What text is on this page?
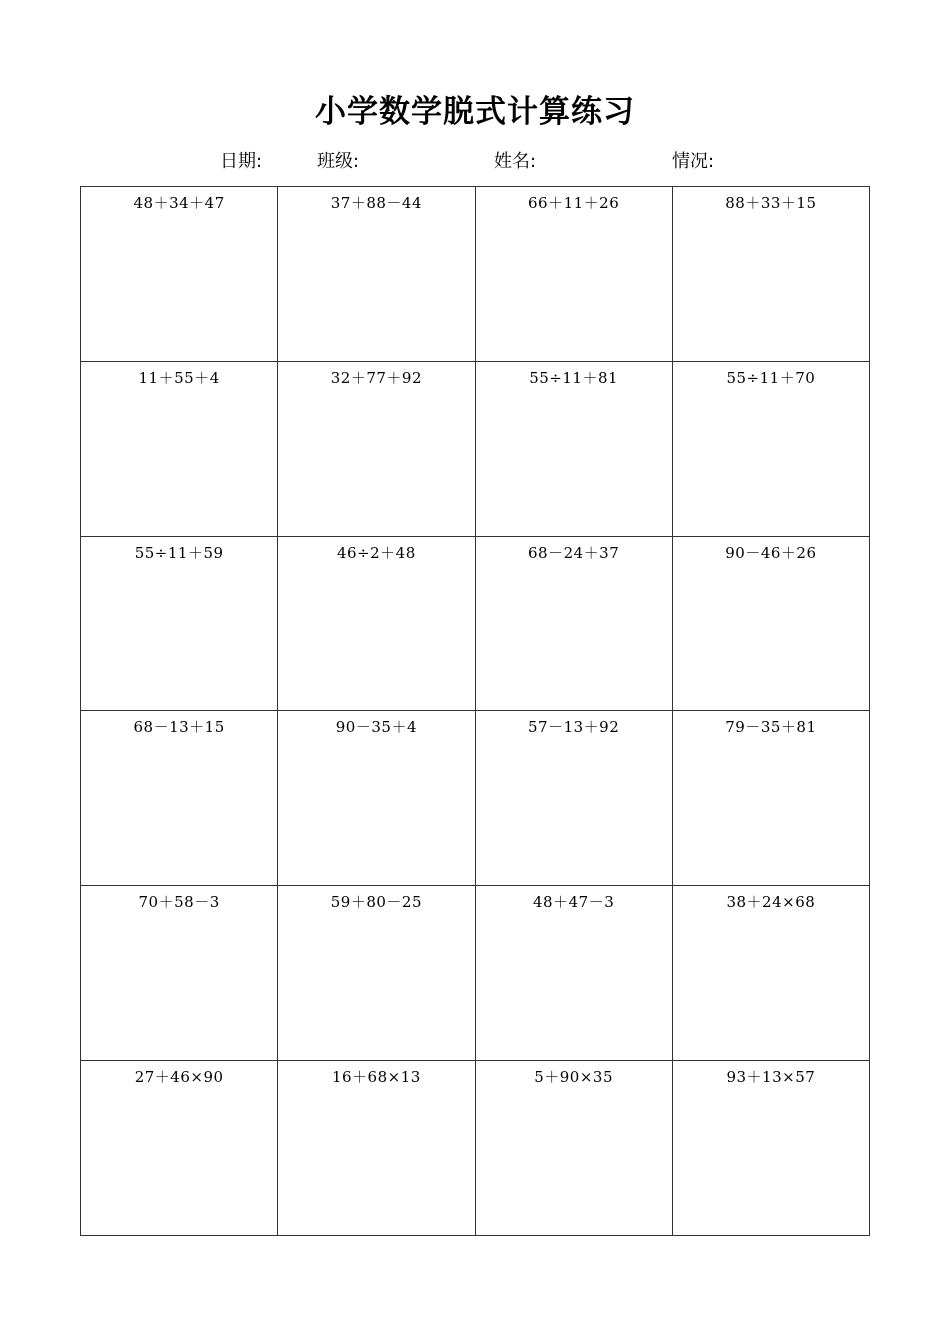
小学数学脱式计算练习
日期:	班级:	姓名:	情况:
48＋34＋47	37＋88－44	66＋11＋26	88＋33＋15
11＋55＋4	32＋77＋92	55÷11＋81	55÷11＋70
55÷11＋59	46÷2＋48	68－24＋37	90－46＋26
68－13＋15	90－35＋4	57－13＋92	79－35＋81
70＋58－3	59＋80－25	48＋47－3	38＋24×68
27＋46×90	16＋68×13	5＋90×35	93＋13×57
